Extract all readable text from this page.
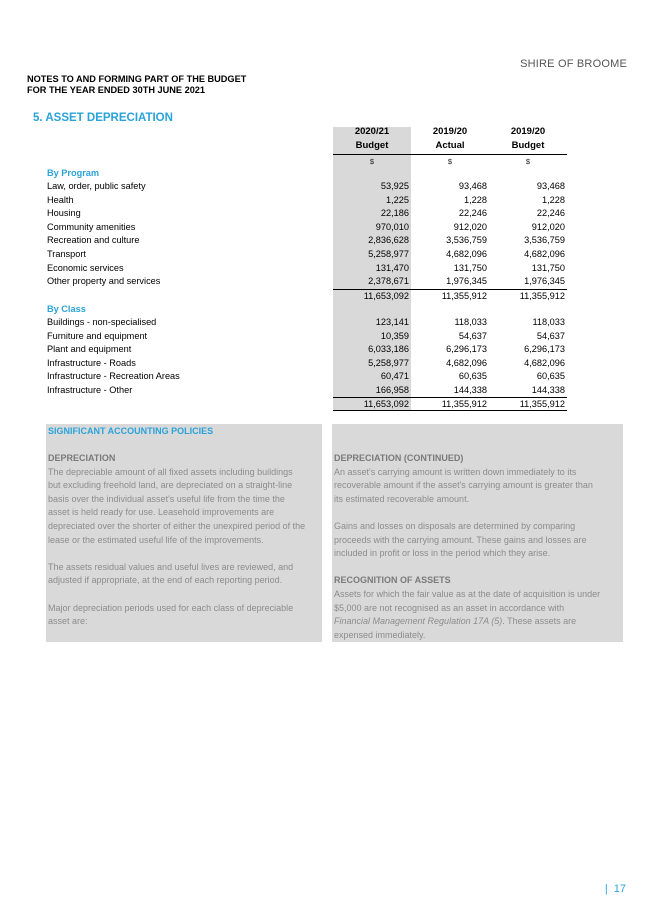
SHIRE OF BROOME
NOTES TO AND FORMING PART OF THE BUDGET
FOR THE YEAR ENDED 30TH JUNE 2021
5. ASSET DEPRECIATION
2020/21
Budget
2019/20
Actual
2019/20
Budget
$	$	$
By Program
Law, order, public safety	53,925	93,468	93,468
Health	1,225	1,228	1,228
Housing	22,186	22,246	22,246
Community amenities	970,010	912,020	912,020
Recreation and culture	2,836,628	3,536,759	3,536,759
Transport	5,258,977	4,682,096	4,682,096
Economic services	131,470	131,750	131,750
Other property and services	2,378,671	1,976,345	1,976,345
11,653,092	11,355,912	11,355,912
By Class
Buildings - non-specialised	123,141	118,033	118,033
Furniture and equipment	10,359	54,637	54,637
Plant and equipment	6,033,186	6,296,173	6,296,173
Infrastructure - Roads	5,258,977	4,682,096	4,682,096
Infrastructure - Recreation Areas	60,471	60,635	60,635
Infrastructure - Other	166,958	144,338	144,338
11,653,092	11,355,912	11,355,912
SIGNIFICANT ACCOUNTING POLICIES
DEPRECIATION
The depreciable amount of all fixed assets including buildings
but excluding freehold land, are depreciated on a straight-line
basis over the individual asset's useful life from the time the
asset is held ready for use. Leasehold improvements are
depreciated over the shorter of either the unexpired period of the
lease or the estimated useful life of the improvements.
The assets residual values and useful lives are reviewed, and
adjusted if appropriate, at the end of each reporting period.
Major depreciation periods used for each class of depreciable
asset are:
DEPRECIATION (CONTINUED)
An asset's carrying amount is written down immediately to its
recoverable amount if the asset's carrying amount is greater than
its estimated recoverable amount.
Gains and losses on disposals are determined by comparing
proceeds with the carrying amount. These gains and losses are
included in profit or loss in the period which they arise.
RECOGNITION OF ASSETS
Assets for which the fair value as at the date of acquisition is under
$5,000 are not recognised as an asset in accordance with
Financial Management Regulation 17A (5). These assets are
expensed immediately.
| 17
